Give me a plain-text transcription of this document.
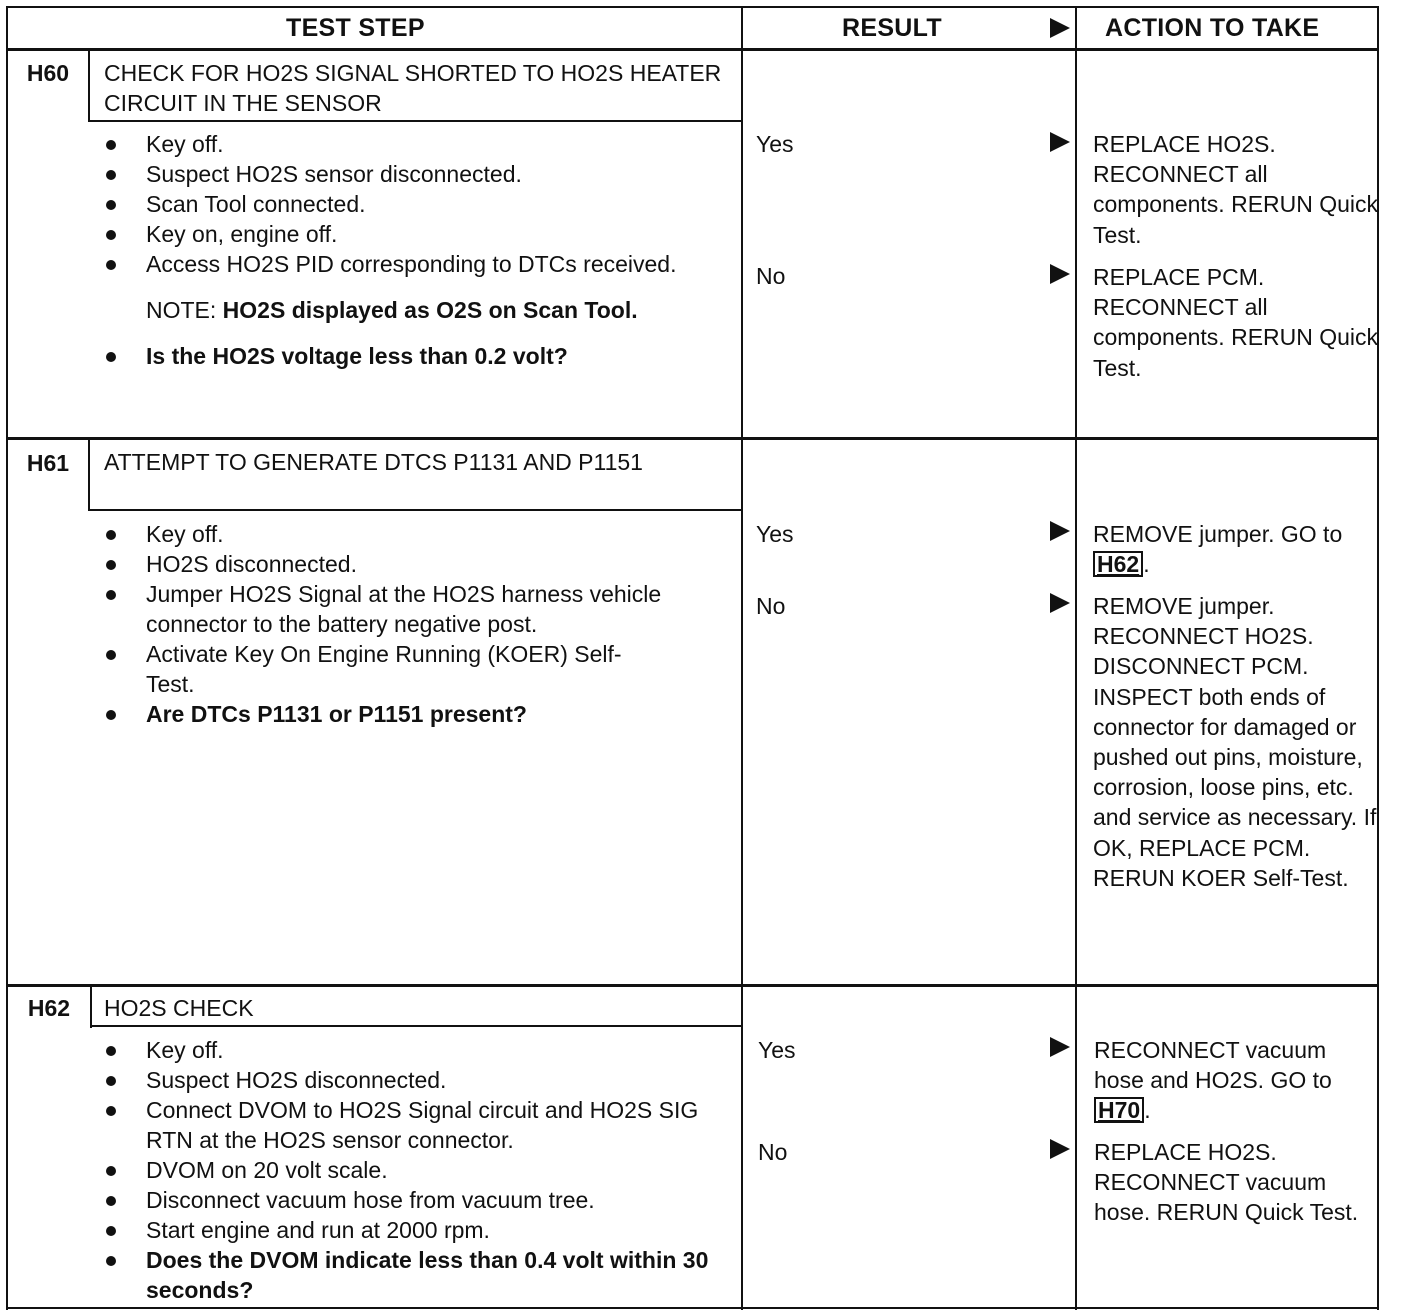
TEST STEP	RESULT	ACTION TO TAKE
H60	CHECK FOR HO2S SIGNAL SHORTED TO HO2S HEATER CIRCUIT IN THE SENSOR
Key off.
Suspect HO2S sensor disconnected.
Scan Tool connected.
Key on, engine off.
Access HO2S PID corresponding to DTCs received.
NOTE: HO2S displayed as O2S on Scan Tool.
Is the HO2S voltage less than 0.2 volt?
Yes	REPLACE HO2S. RECONNECT all components. RERUN Quick Test.
No	REPLACE PCM. RECONNECT all components. RERUN Quick Test.
H61	ATTEMPT TO GENERATE DTCS P1131 AND P1151
Key off.
HO2S disconnected.
Jumper HO2S Signal at the HO2S harness vehicle connector to the battery negative post.
Activate Key On Engine Running (KOER) Self-Test.
Are DTCs P1131 or P1151 present?
Yes	REMOVE jumper. GO to H62 .
No	REMOVE jumper. RECONNECT HO2S. DISCONNECT PCM. INSPECT both ends of connector for damaged or pushed out pins, moisture, corrosion, loose pins, etc. and service as necessary. If OK, REPLACE PCM. RERUN KOER Self-Test.
H62	HO2S CHECK
Key off.
Suspect HO2S disconnected.
Connect DVOM to HO2S Signal circuit and HO2S SIG RTN at the HO2S sensor connector.
DVOM on 20 volt scale.
Disconnect vacuum hose from vacuum tree.
Start engine and run at 2000 rpm.
Does the DVOM indicate less than 0.4 volt within 30 seconds?
Yes	RECONNECT vacuum hose and HO2S. GO to H70 .
No	REPLACE HO2S. RECONNECT vacuum hose. RERUN Quick Test.
